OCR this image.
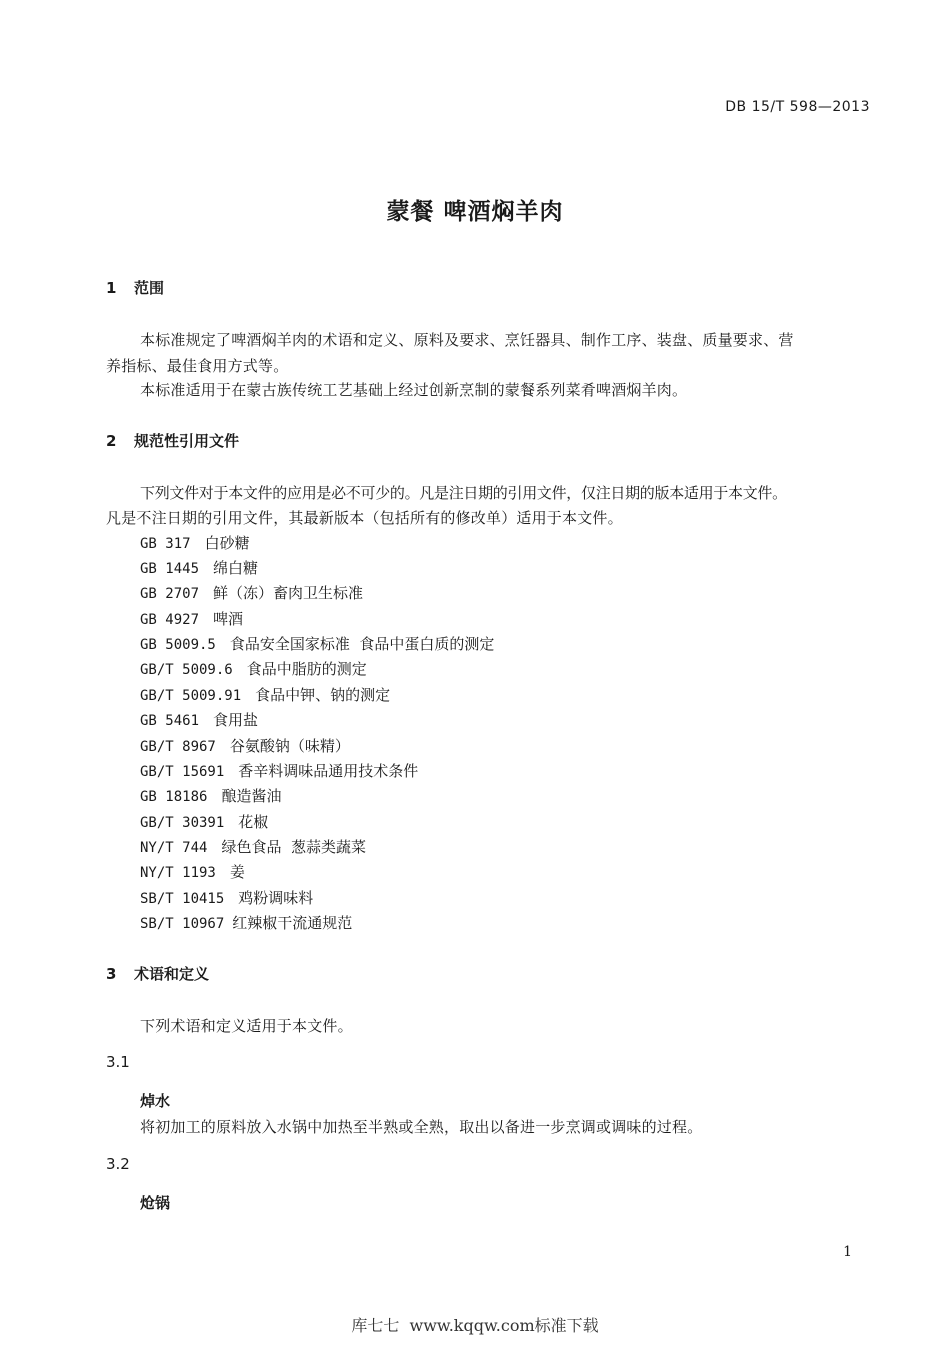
DB 15/T 598—2013
蒙餐 啤酒焖羊肉
1 范围
本标准规定了啤酒焖羊肉的术语和定义、原料及要求、烹饪器具、制作工序、装盘、质量要求、营
养指标、最佳食用方式等。
本标准适用于在蒙古族传统工艺基础上经过创新烹制的蒙餐系列菜肴啤酒焖羊肉。
2 规范性引用文件
下列文件对于本文件的应用是必不可少的。凡是注日期的引用文件，仅注日期的版本适用于本文件。
凡是不注日期的引用文件，其最新版本（包括所有的修改单）适用于本文件。
GB 317 白砂糖
GB 1445 绵白糖
GB 2707 鲜（冻）畜肉卫生标准
GB 4927 啤酒
GB 5009.5 食品安全国家标准  食品中蛋白质的测定
GB/T 5009.6 食品中脂肪的测定
GB/T 5009.91 食品中钾、钠的测定
GB 5461 食用盐
GB/T 8967 谷氨酸钠（味精）
GB/T 15691 香辛料调味品通用技术条件
GB 18186 酿造酱油
GB/T 30391 花椒
NY/T 744 绿色食品  葱蒜类蔬菜
NY/T 1193 姜
SB/T 10415 鸡粉调味料
SB/T 10967 红辣椒干流通规范
3 术语和定义
下列术语和定义适用于本文件。
3.1
焯水
将初加工的原料放入水锅中加热至半熟或全熟，取出以备进一步烹调或调味的过程。
3.2
炝锅
1
库七七  www.kqqw.com标准下载
